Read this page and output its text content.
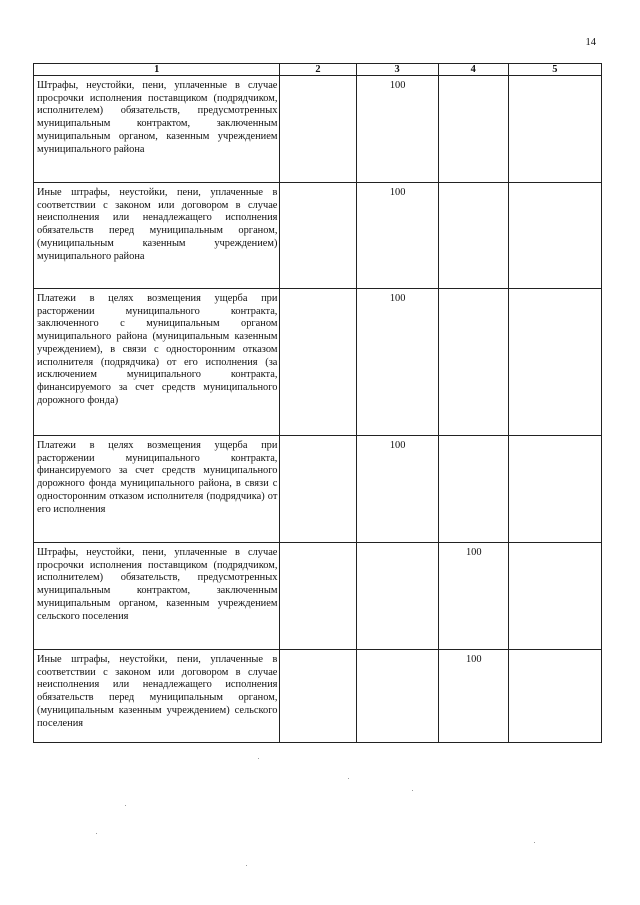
14
1	2	3	4	5
Штрафы, неустойки, пени, уплаченные в случае просрочки исполнения поставщиком (подрядчиком, исполнителем) обязательств, предусмотренных муниципальным контрактом, заключенным муниципальным органом, казенным учреждением муниципального района		100		
Иные штрафы, неустойки, пени, уплаченные в соответствии с законом или договором в случае неисполнения или ненадлежащего исполнения обязательств перед муниципальным органом, (муниципальным казенным учреждением) муниципального района		100		
Платежи в целях возмещения ущерба при расторжении муниципального контракта, заключенного с муниципальным органом муниципального района (муниципальным казенным учреждением), в связи с односторонним отказом исполнителя (подрядчика) от его исполнения (за исключением муниципального контракта, финансируемого за счет средств муниципального дорожного фонда)		100		
Платежи в целях возмещения ущерба при расторжении муниципального контракта, финансируемого за счет средств муниципального дорожного фонда муниципального района, в связи с односторонним отказом исполнителя (подрядчика) от его исполнения		100		
Штрафы, неустойки, пени, уплаченные в случае просрочки исполнения поставщиком (подрядчиком, исполнителем) обязательств, предусмотренных муниципальным контрактом, заключенным муниципальным органом, казенным учреждением сельского поселения			100	
Иные штрафы, неустойки, пени, уплаченные в соответствии с законом или договором в случае неисполнения или ненадлежащего исполнения обязательств перед муниципальным органом, (муниципальным казенным учреждением) сельского поселения			100	
